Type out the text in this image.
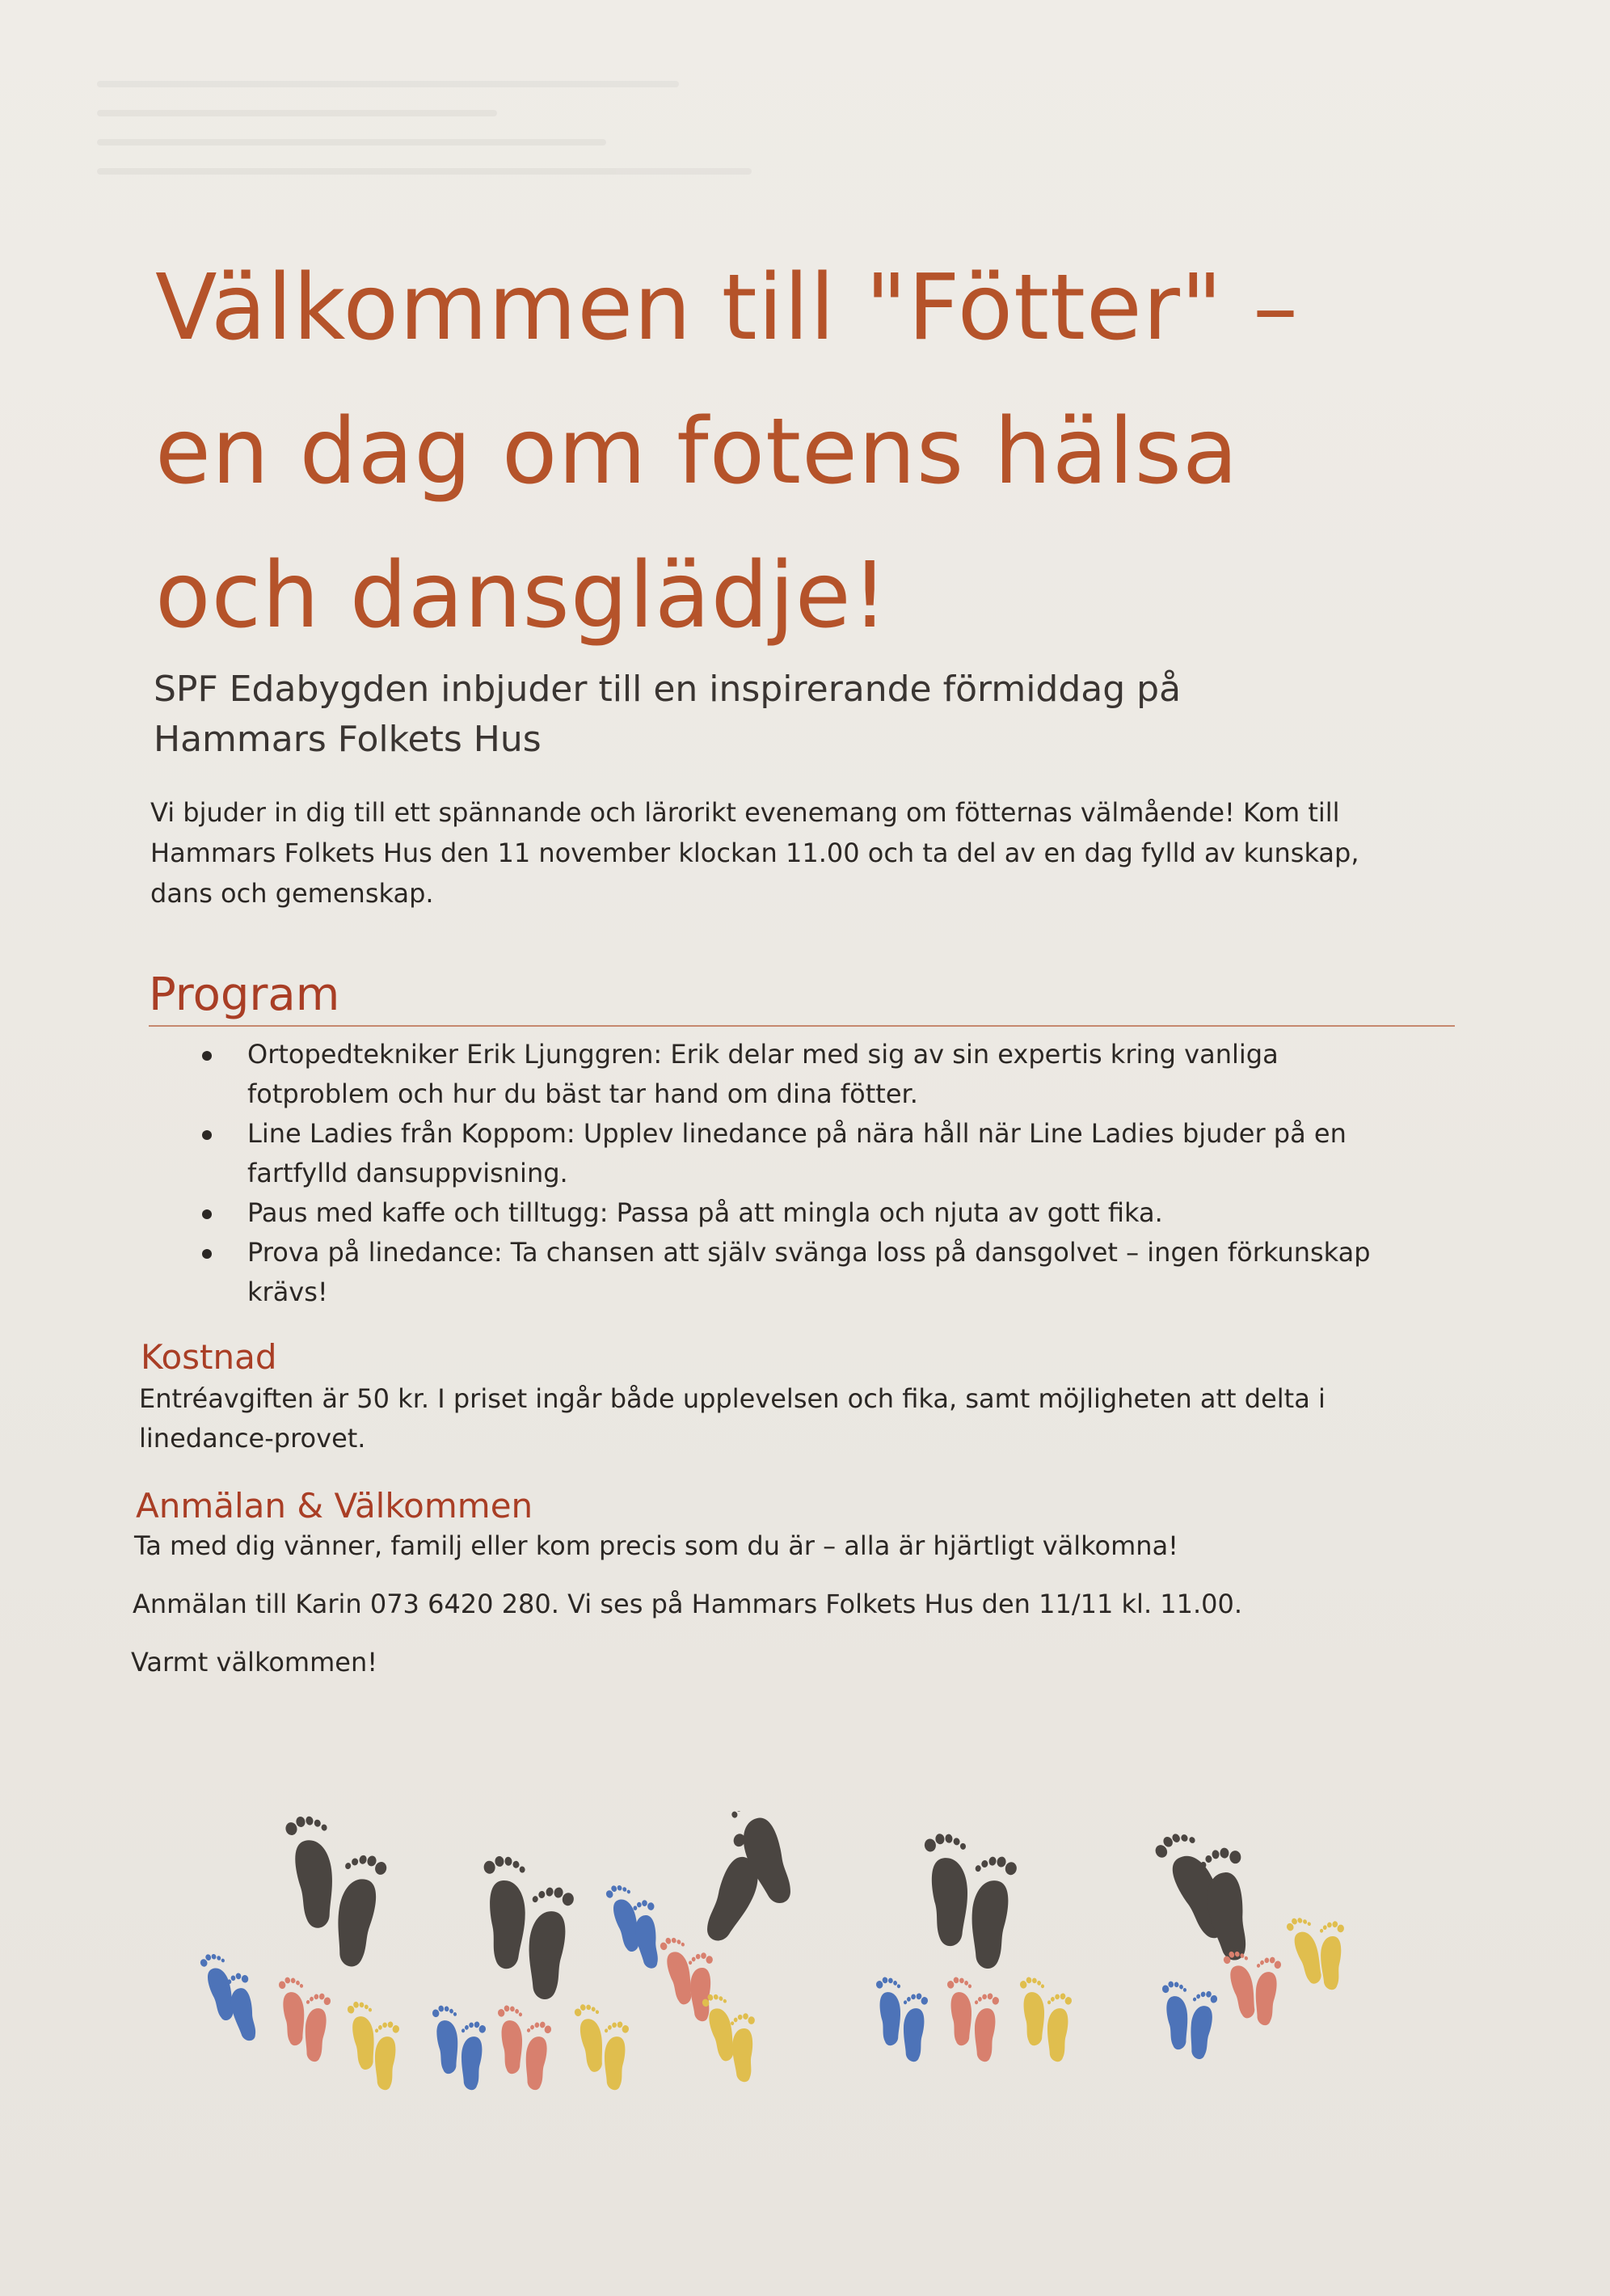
Välkommen till "Fötter" –
en dag om fotens hälsa
och dansglädje!
SPF Edabygden inbjuder till en inspirerande förmiddag på
Hammars Folkets Hus

Vi bjuder in dig till ett spännande och lärorikt evenemang om fötternas välmående! Kom till
Hammars Folkets Hus den 11 november klockan 11.00 och ta del av en dag fylld av kunskap,
dans och gemenskap.

Program
Ortopedtekniker Erik Ljunggren: Erik delar med sig av sin expertis kring vanliga
fotproblem och hur du bäst tar hand om dina fötter.
Line Ladies från Koppom: Upplev linedance på nära håll när Line Ladies bjuder på en
fartfylld dansuppvisning.
Paus med kaffe och tilltugg: Passa på att mingla och njuta av gott fika.
Prova på linedance: Ta chansen att själv svänga loss på dansgolvet – ingen förkunskap
krävs!
Kostnad

Entréavgiften är 50 kr. I priset ingår både upplevelsen och fika, samt möjligheten att delta i
linedance-provet.

Anmälan & Välkommen

Ta med dig vänner, familj eller kom precis som du är – alla är hjärtligt välkomna!

Anmälan till Karin 073 6420 280. Vi ses på Hammars Folkets Hus den 11/11 kl. 11.00.

Varmt välkommen!
